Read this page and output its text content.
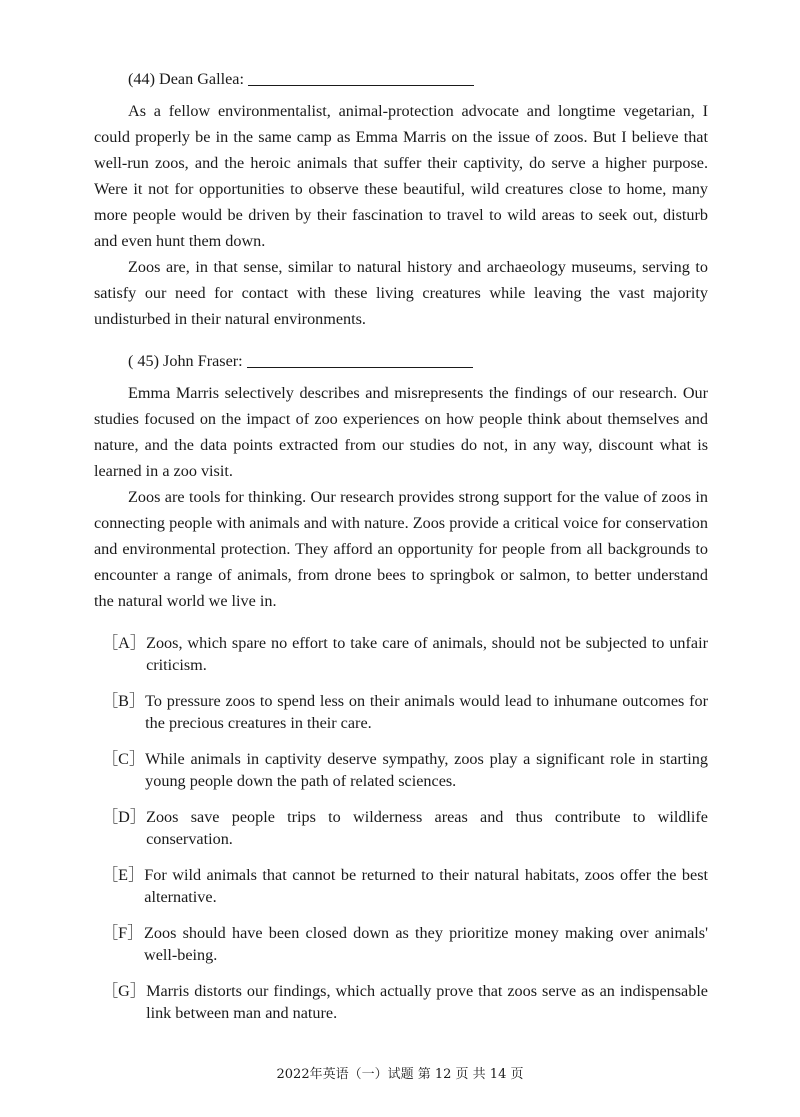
(44) Dean Gallea:

As a fellow environmentalist, animal-protection advocate and longtime vegetarian, I could properly be in the same camp as Emma Marris on the issue of zoos. But I believe that well-run zoos, and the heroic animals that suffer their captivity, do serve a higher purpose. Were it not for opportunities to observe these beautiful, wild creatures close to home, many more people would be driven by their fascination to travel to wild areas to seek out, disturb and even hunt them down.

Zoos are, in that sense, similar to natural history and archaeology museums, serving to satisfy our need for contact with these living creatures while leaving the vast majority undisturbed in their natural environments.

( 45) John Fraser:

Emma Marris selectively describes and misrepresents the findings of our research. Our studies focused on the impact of zoo experiences on how people think about themselves and nature, and the data points extracted from our studies do not, in any way, discount what is learned in a zoo visit.

Zoos are tools for thinking. Our research provides strong support for the value of zoos in connecting people with animals and with nature. Zoos provide a critical voice for conservation and environmental protection. They afford an opportunity for people from all backgrounds to encounter a range of animals, from drone bees to springbok or salmon, to better understand the natural world we live in.

［A］ Zoos, which spare no effort to take care of animals, should not be subjected to unfair criticism.
［B］ To pressure zoos to spend less on their animals would lead to inhumane outcomes for the precious creatures in their care.
［C］ While animals in captivity deserve sympathy, zoos play a significant role in starting young people down the path of related sciences.
［D］ Zoos save people trips to wilderness areas and thus contribute to wildlife conservation.
［E］ For wild animals that cannot be returned to their natural habitats, zoos offer the best alternative.
［F］ Zoos should have been closed down as they prioritize money making over animals' well-being.
［G］ Marris distorts our findings, which actually prove that zoos serve as an indispensable link between man and nature.
2022年英语（一）试题 第 12 页 共 14 页
